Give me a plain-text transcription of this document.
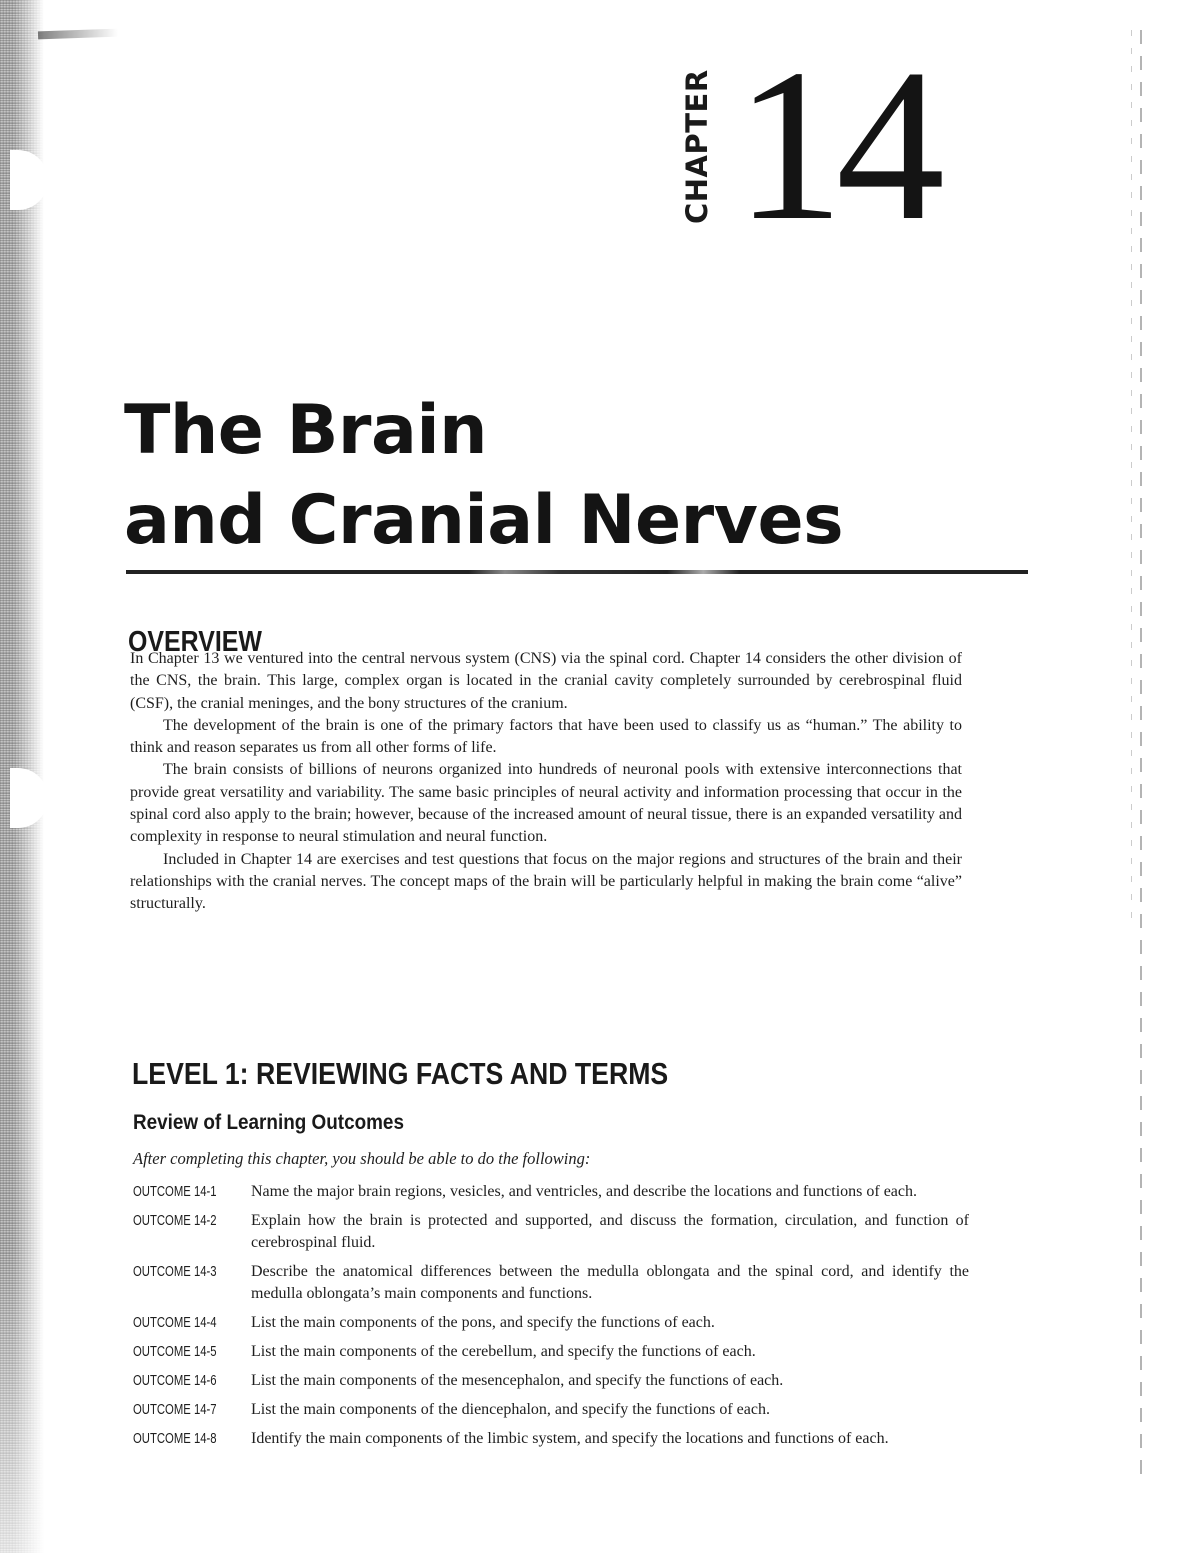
CHAPTER 14
The Brain
and Cranial Nerves
OVERVIEW

In Chapter 13 we ventured into the central nervous system (CNS) via the spinal cord. Chapter 14 considers the other division of the CNS, the brain. This large, complex organ is located in the cranial cavity completely surrounded by cerebrospinal fluid (CSF), the cranial meninges, and the bony structures of the cranium.

The development of the brain is one of the primary factors that have been used to classify us as “human.” The ability to think and reason separates us from all other forms of life.

The brain consists of billions of neurons organized into hundreds of neuronal pools with extensive interconnections that provide great versatility and variability. The same basic principles of neural activity and information processing that occur in the spinal cord also apply to the brain; however, because of the increased amount of neural tissue, there is an expanded versatility and complexity in response to neural stimulation and neural function.

Included in Chapter 14 are exercises and test questions that focus on the major regions and structures of the brain and their relationships with the cranial nerves. The concept maps of the brain will be particularly helpful in making the brain come “alive” structurally.

LEVEL 1: REVIEWING FACTS AND TERMS
Review of Learning Outcomes
After completing this chapter, you should be able to do the following:
OUTCOME 14-1	Name the major brain regions, vesicles, and ventricles, and describe the locations and functions of each.
OUTCOME 14-2	Explain how the brain is protected and supported, and discuss the formation, circulation, and function of cerebrospinal fluid.
OUTCOME 14-3	Describe the anatomical differences between the medulla oblongata and the spinal cord, and identify the medulla oblongata’s main components and functions.
OUTCOME 14-4	List the main components of the pons, and specify the functions of each.
OUTCOME 14-5	List the main components of the cerebellum, and specify the functions of each.
OUTCOME 14-6	List the main components of the mesencephalon, and specify the functions of each.
OUTCOME 14-7	List the main components of the diencephalon, and specify the functions of each.
OUTCOME 14-8	Identify the main components of the limbic system, and specify the locations and functions of each.
